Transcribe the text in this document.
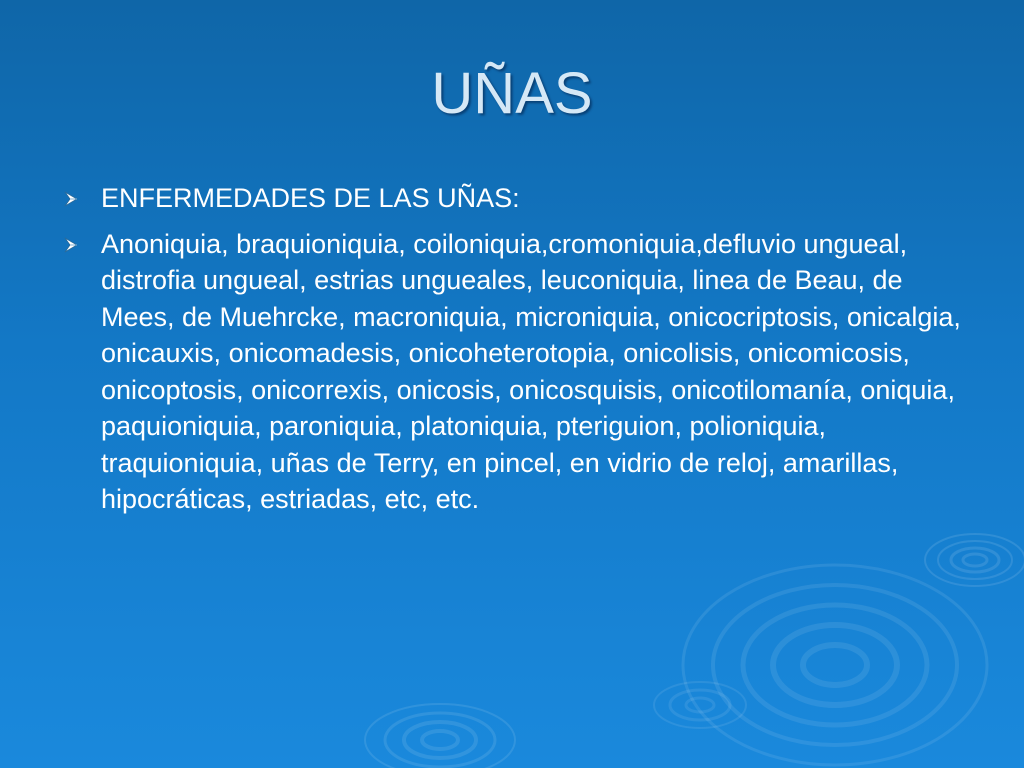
UÑAS
ENFERMEDADES DE LAS UÑAS:
Anoniquia, braquioniquia, coiloniquia,cromoniquia,defluvio ungueal, distrofia ungueal, estrias ungueales, leuconiquia, linea de Beau, de Mees, de Muehrcke, macroniquia, microniquia, onicocriptosis, onicalgia, onicauxis, onicomadesis, onicoheterotopia, onicolisis, onicomicosis, onicoptosis, onicorrexis, onicosis, onicosquisis, onicotilomanía, oniquia, paquioniquia, paroniquia, platoniquia, pteriguion, polioniquia, traquioniquia, uñas de Terry, en pincel, en vidrio de reloj, amarillas, hipocráticas, estriadas, etc, etc.
